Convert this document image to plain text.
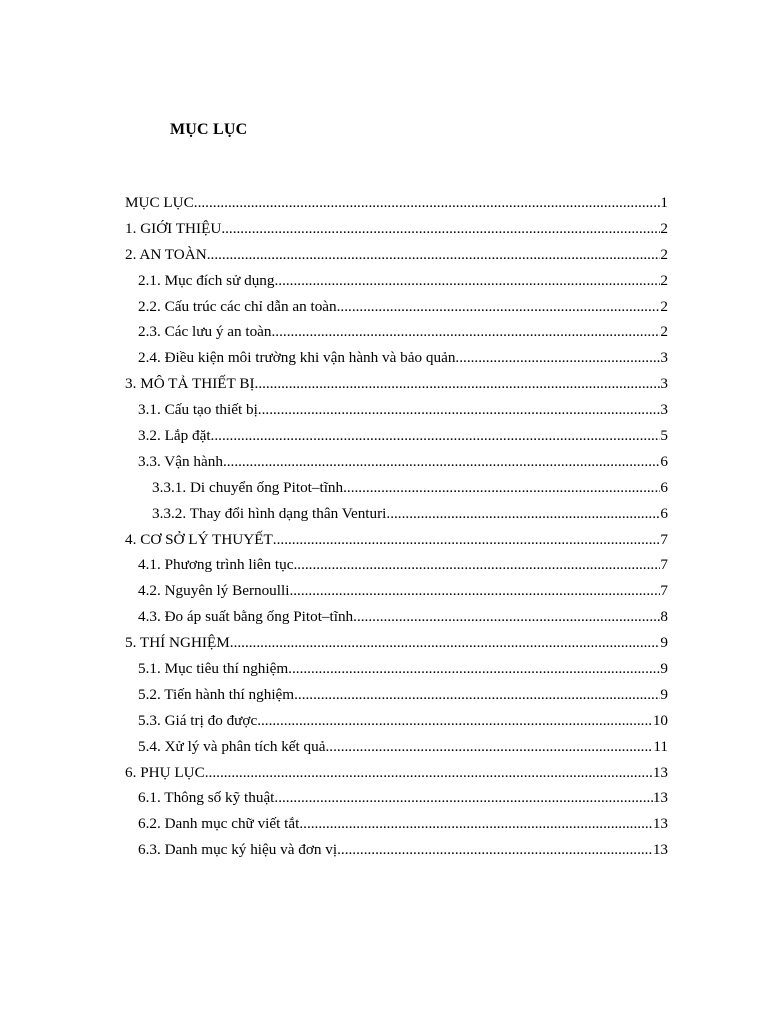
MỤC LỤC
MỤC LỤC .....	1
1. GIỚI THIỆU .....	2
2. AN TOÀN .....	2
2.1. Mục đích sử dụng .....	2
2.2. Cấu trúc các chỉ dẫn an toàn .....	2
2.3. Các lưu ý an toàn .....	2
2.4. Điều kiện môi trường khi vận hành và bảo quản .....	3
3. MÔ TẢ THIẾT BỊ .....	3
3.1. Cấu tạo thiết bị .....	3
3.2. Lắp đặt .....	5
3.3. Vận hành .....	6
3.3.1. Di chuyển ống Pitot–tĩnh .....	6
3.3.2. Thay đổi hình dạng thân Venturi .....	6
4. CƠ SỞ LÝ THUYẾT .....	7
4.1. Phương trình liên tục .....	7
4.2. Nguyên lý Bernoulli .....	7
4.3. Đo áp suất bằng ống Pitot–tĩnh .....	8
5. THÍ NGHIỆM .....	9
5.1. Mục tiêu thí nghiệm .....	9
5.2. Tiến hành thí nghiệm .....	9
5.3. Giá trị đo được .....	10
5.4. Xử lý và phân tích kết quả .....	11
6. PHỤ LỤC .....	13
6.1. Thông số kỹ thuật .....	13
6.2. Danh mục chữ viết tắt .....	13
6.3. Danh mục ký hiệu và đơn vị .....	13
